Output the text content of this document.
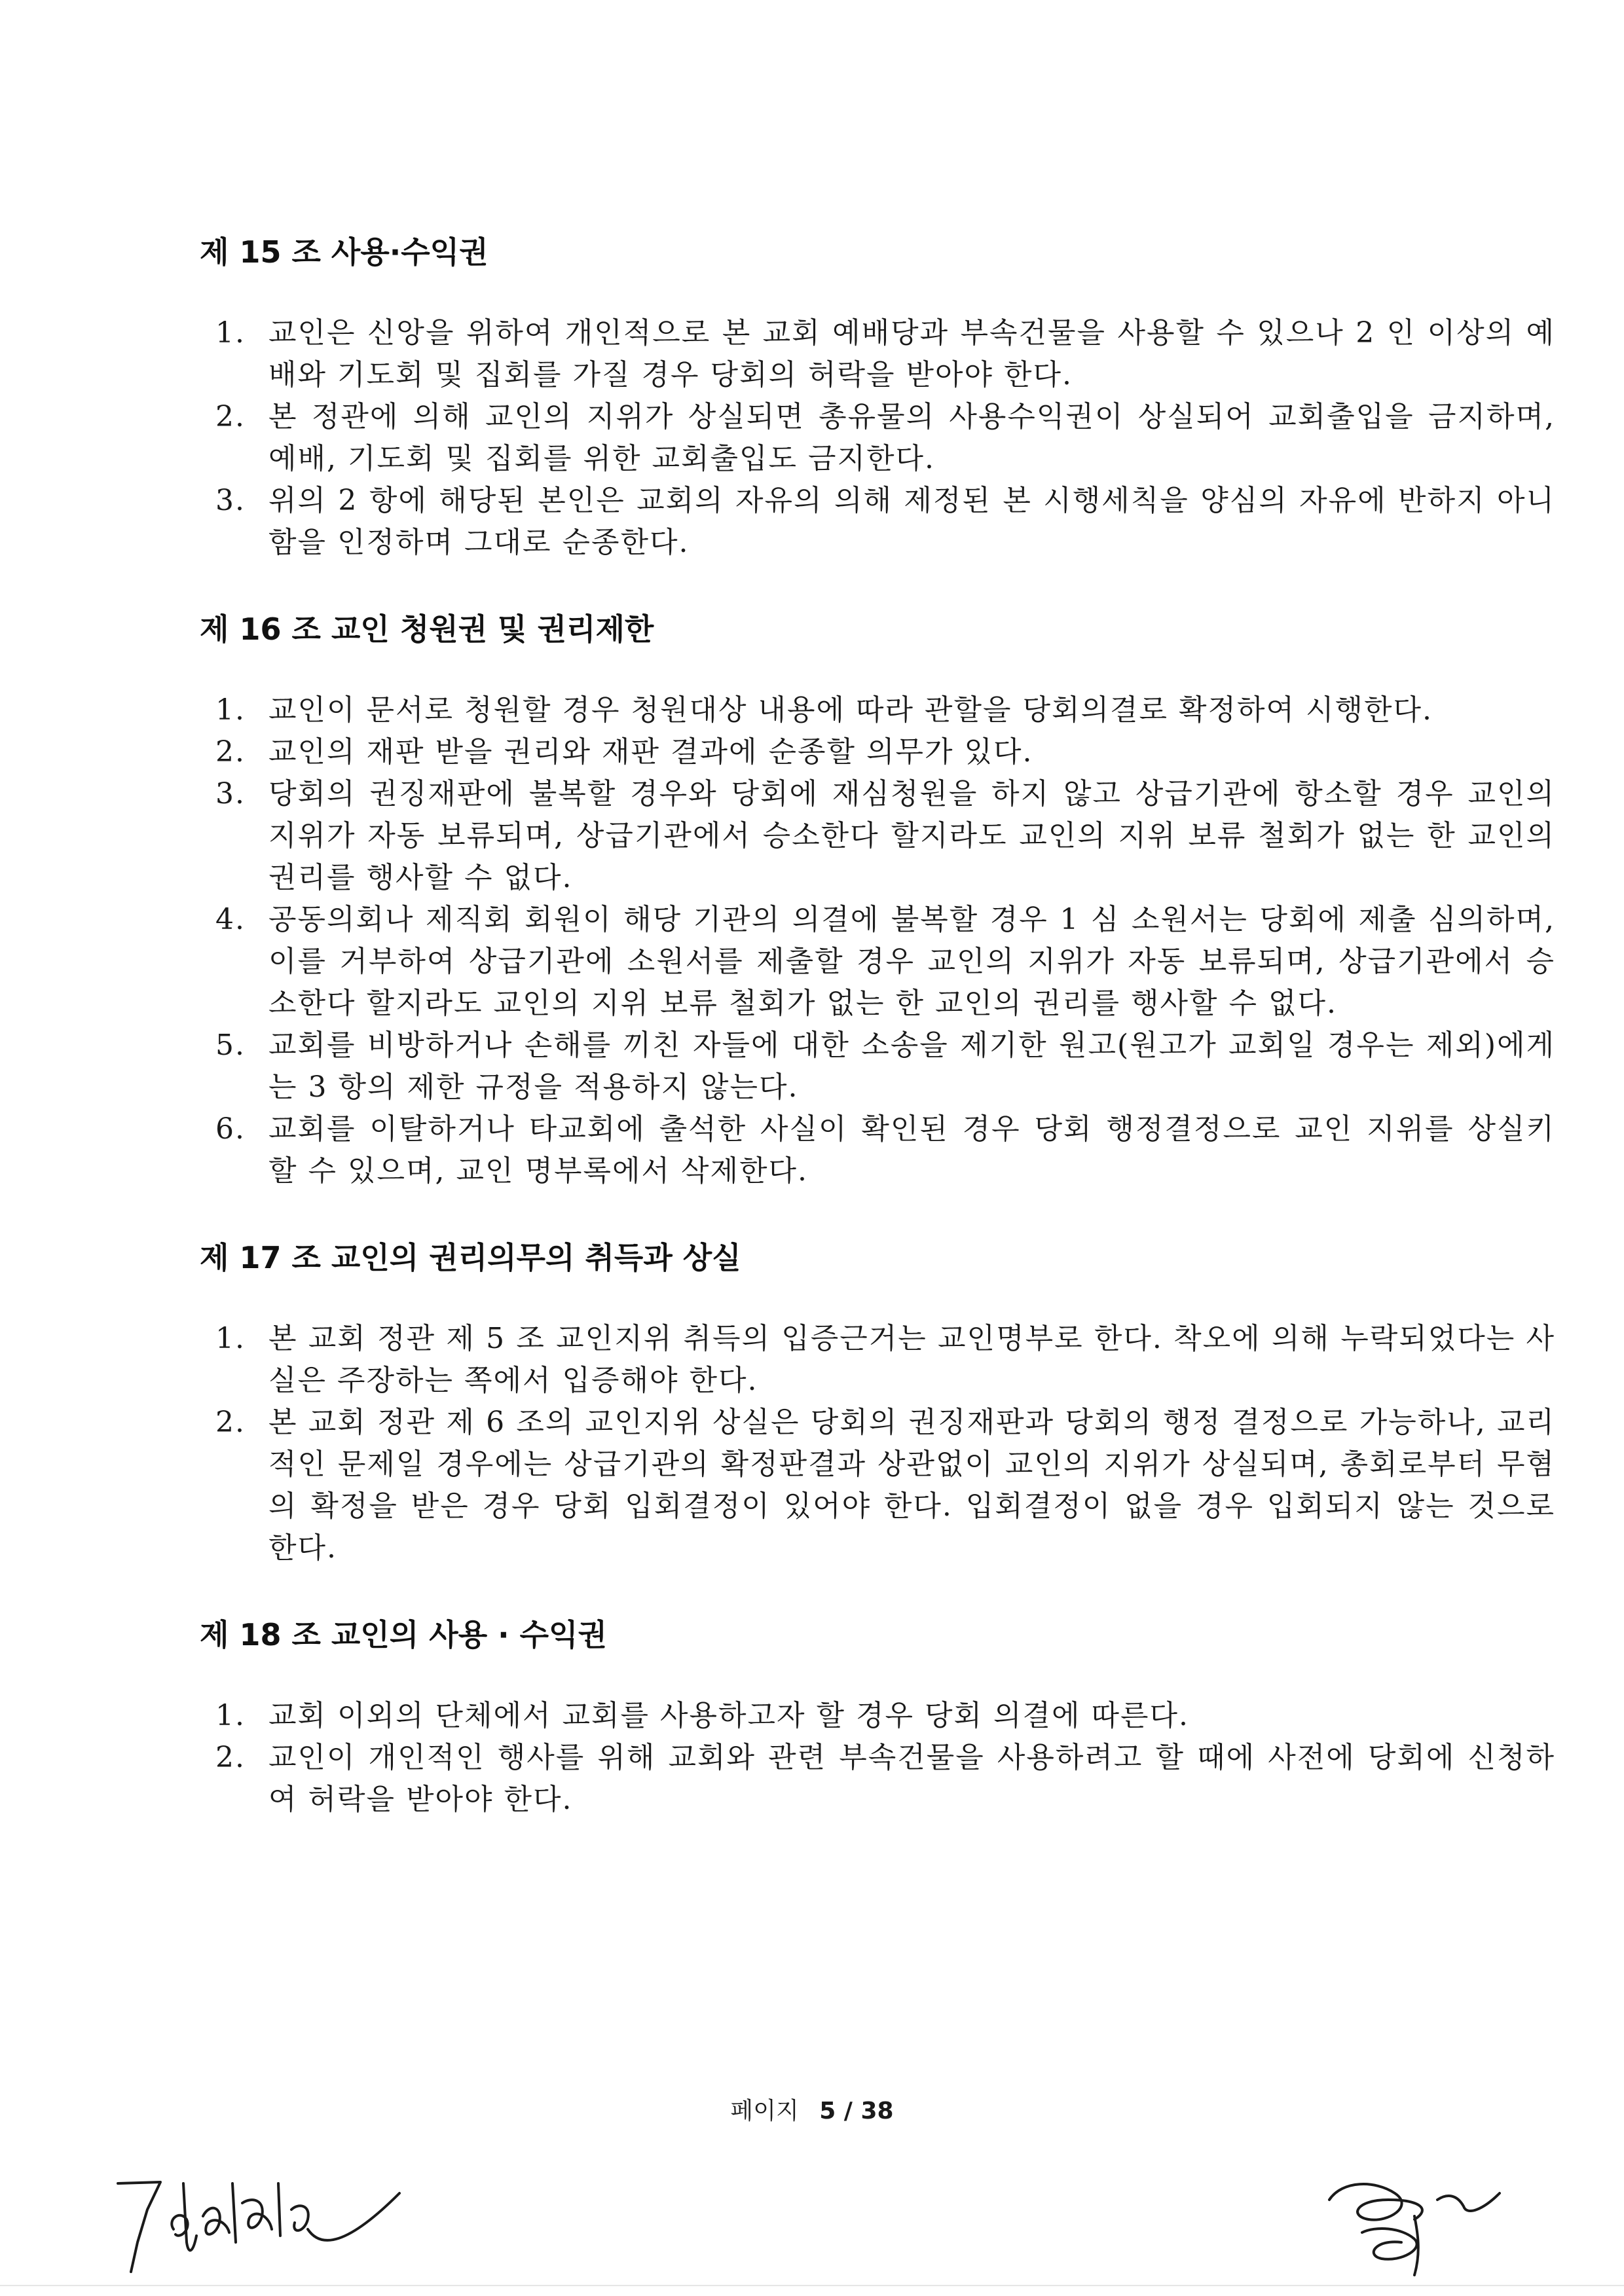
제 15 조 사용·수익권
1. 교인은 신앙을 위하여 개인적으로 본 교회 예배당과 부속건물을 사용할 수 있으나 2 인 이상의 예배와 기도회 및 집회를 가질 경우 당회의 허락을 받아야 한다.
2. 본 정관에 의해 교인의 지위가 상실되면 총유물의 사용수익권이 상실되어 교회출입을 금지하며, 예배, 기도회 및 집회를 위한 교회출입도 금지한다.
3. 위의 2 항에 해당된 본인은 교회의 자유의 의해 제정된 본 시행세칙을 양심의 자유에 반하지 아니함을 인정하며 그대로 순종한다.
제 16 조 교인 청원권 및 권리제한
1. 교인이 문서로 청원할 경우 청원대상 내용에 따라 관할을 당회의결로 확정하여 시행한다.
2. 교인의 재판 받을 권리와 재판 결과에 순종할 의무가 있다.
3. 당회의 권징재판에 불복할 경우와 당회에 재심청원을 하지 않고 상급기관에 항소할 경우 교인의 지위가 자동 보류되며, 상급기관에서 승소한다 할지라도 교인의 지위 보류 철회가 없는 한 교인의 권리를 행사할 수 없다.
4. 공동의회나 제직회 회원이 해당 기관의 의결에 불복할 경우 1 심 소원서는 당회에 제출 심의하며, 이를 거부하여 상급기관에 소원서를 제출할 경우 교인의 지위가 자동 보류되며, 상급기관에서 승소한다 할지라도 교인의 지위 보류 철회가 없는 한 교인의 권리를 행사할 수 없다.
5. 교회를 비방하거나 손해를 끼친 자들에 대한 소송을 제기한 원고(원고가 교회일 경우는 제외)에게는 3 항의 제한 규정을 적용하지 않는다.
6. 교회를 이탈하거나 타교회에 출석한 사실이 확인된 경우 당회 행정결정으로 교인 지위를 상실키 할 수 있으며, 교인 명부록에서 삭제한다.
제 17 조 교인의 권리의무의 취득과 상실
1. 본 교회 정관 제 5 조 교인지위 취득의 입증근거는 교인명부로 한다. 착오에 의해 누락되었다는 사실은 주장하는 쪽에서 입증해야 한다.
2. 본 교회 정관 제 6 조의 교인지위 상실은 당회의 권징재판과 당회의 행정 결정으로 가능하나, 교리적인 문제일 경우에는 상급기관의 확정판결과 상관없이 교인의 지위가 상실되며, 총회로부터 무혐의 확정을 받은 경우 당회 입회결정이 있어야 한다. 입회결정이 없을 경우 입회되지 않는 것으로 한다.
제 18 조 교인의 사용 · 수익권
1. 교회 이외의 단체에서 교회를 사용하고자 할 경우 당회 의결에 따른다.
2. 교인이 개인적인 행사를 위해 교회와 관련 부속건물을 사용하려고 할 때에 사전에 당회에 신청하여 허락을 받아야 한다.
페이지 5 / 38
